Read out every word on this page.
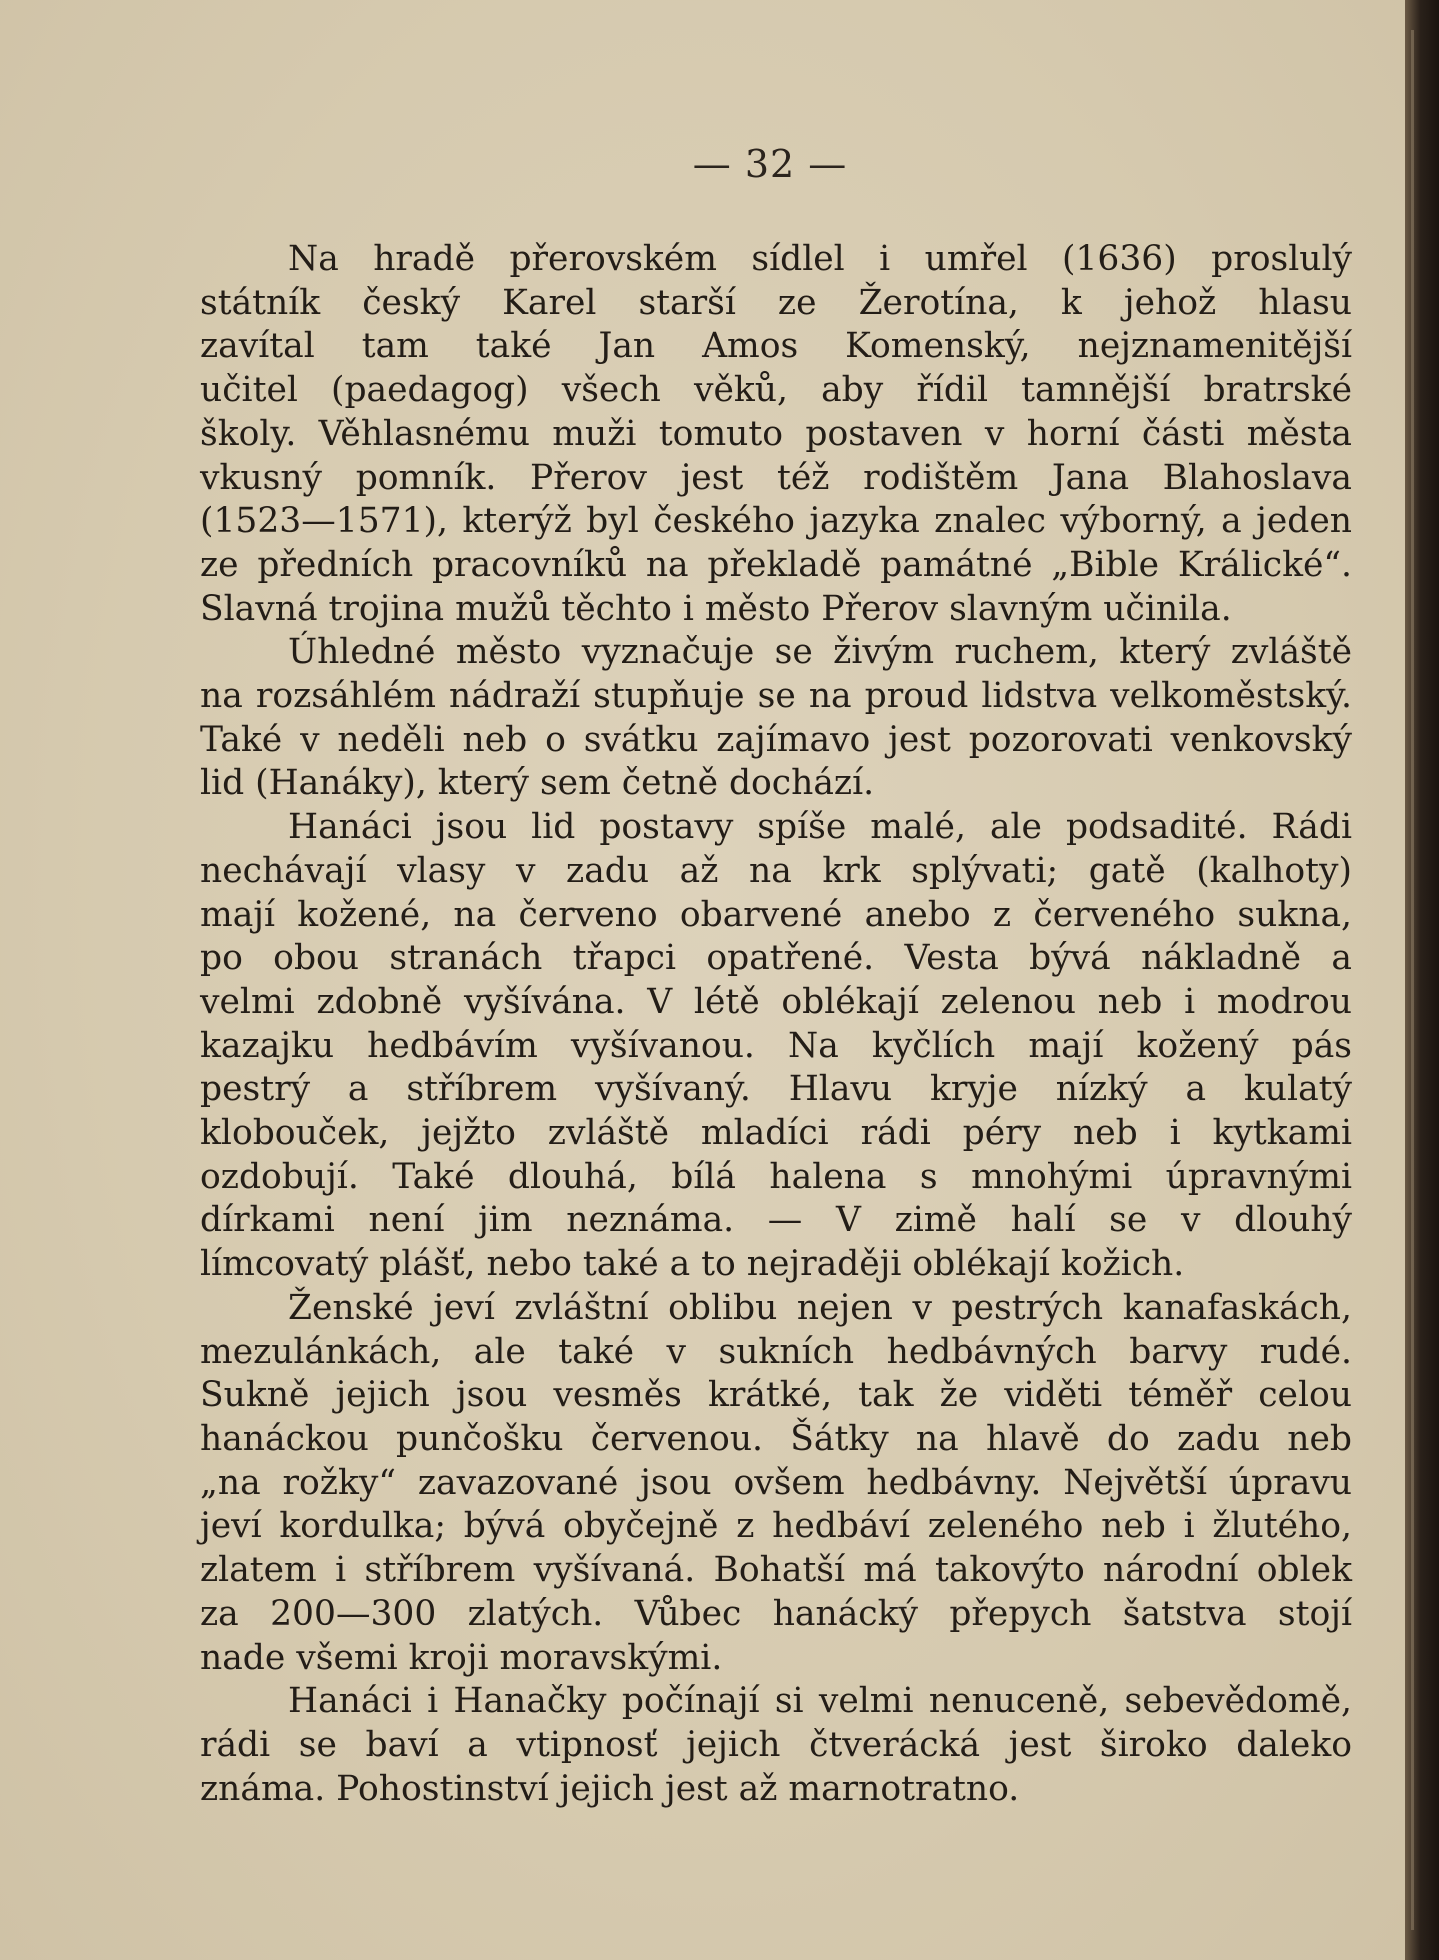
— 32 —
Na hradě přerovském sídlel i umřel (1636) proslulý
státník český Karel starší ze Žerotína, k jehož hlasu
zavítal tam také Jan Amos Komenský, nejznamenitější
učitel (paedagog) všech věků, aby řídil tamnější bratrské
školy. Věhlasnému muži tomuto postaven v horní části města
vkusný pomník. Přerov jest též rodištěm Jana Blahoslava
(1523—1571), kterýž byl českého jazyka znalec výborný, a jeden
ze předních pracovníků na překladě památné „Bible Králické“.
Slavná trojina mužů těchto i město Přerov slavným učinila.
Úhledné město vyznačuje se živým ruchem, který zvláště
na rozsáhlém nádraží stupňuje se na proud lidstva velkoměstský.
Také v neděli neb o svátku zajímavo jest pozorovati venkovský
lid (Hanáky), který sem četně dochází.
Hanáci jsou lid postavy spíše malé, ale podsadité. Rádi
nechávají vlasy v zadu až na krk splývati; gatě (kalhoty)
mají kožené, na červeno obarvené anebo z červeného sukna,
po obou stranách třapci opatřené. Vesta bývá nákladně a
velmi zdobně vyšívána. V létě oblékají zelenou neb i modrou
kazajku hedbávím vyšívanou. Na kyčlích mají kožený pás
pestrý a stříbrem vyšívaný. Hlavu kryje nízký a kulatý
klobouček, jejžto zvláště mladíci rádi péry neb i kytkami
ozdobují. Také dlouhá, bílá halena s mnohými úpravnými
dírkami není jim neznáma. — V zimě halí se v dlouhý
límcovatý plášť, nebo také a to nejraději oblékají kožich.
Ženské jeví zvláštní oblibu nejen v pestrých kanafaskách,
mezulánkách, ale také v sukních hedbávných barvy rudé.
Sukně jejich jsou vesměs krátké, tak že viděti téměř celou
hanáckou punčošku červenou. Šátky na hlavě do zadu neb
„na rožky“ zavazované jsou ovšem hedbávny. Největší úpravu
jeví kordulka; bývá obyčejně z hedbáví zeleného neb i žlutého,
zlatem i stříbrem vyšívaná. Bohatší má takovýto národní oblek
za 200—300 zlatých. Vůbec hanácký přepych šatstva stojí
nade všemi kroji moravskými.
Hanáci i Hanačky počínají si velmi nenuceně, sebevědomě,
rádi se baví a vtipnosť jejich čtverácká jest široko daleko
známa. Pohostinství jejich jest až marnotratno.
